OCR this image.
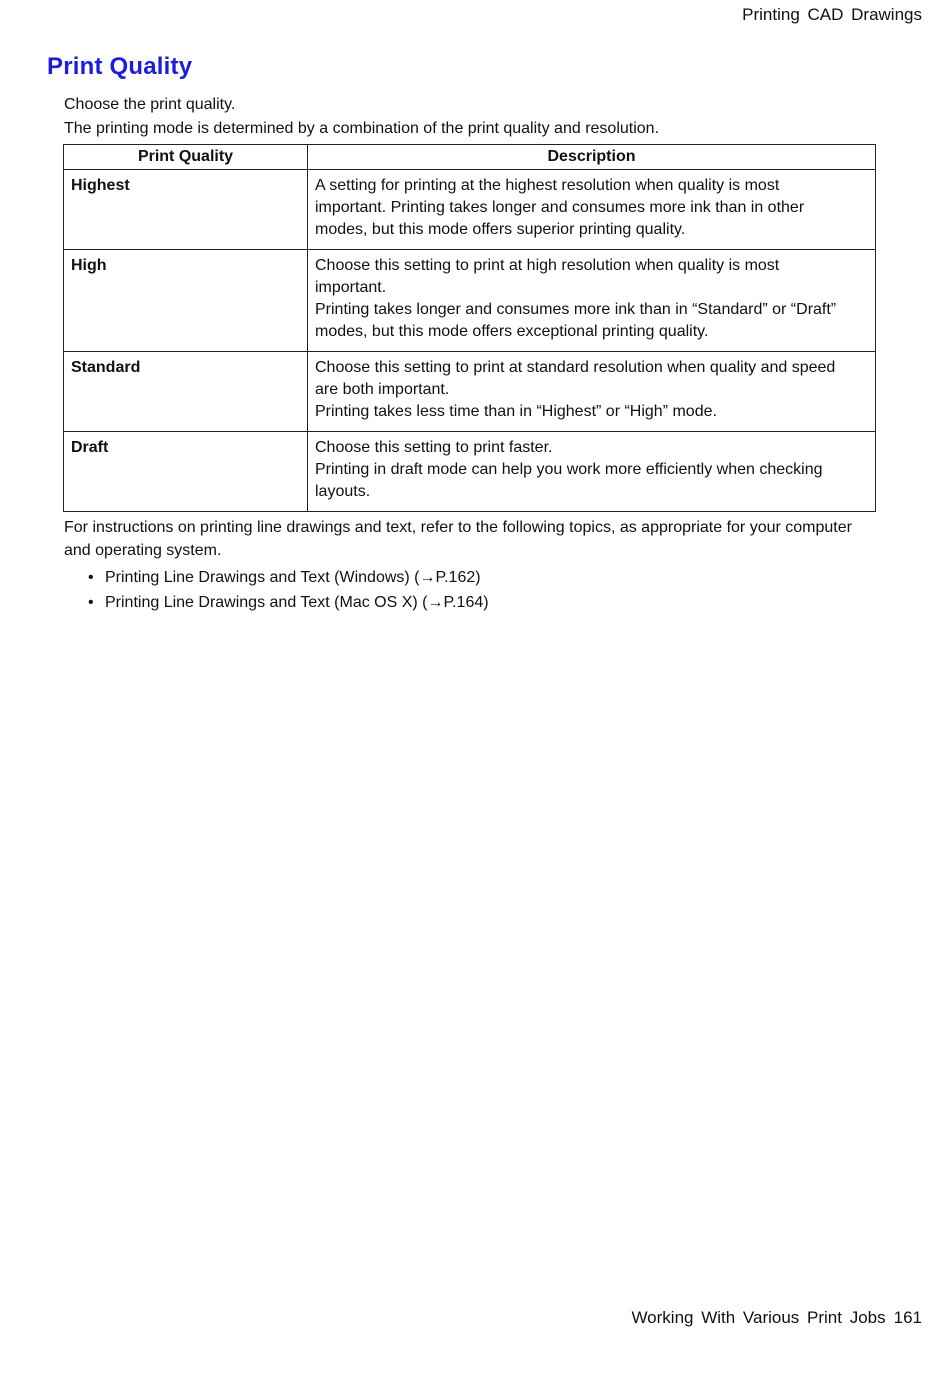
Printing CAD Drawings
Print Quality

Choose the print quality.

The printing mode is determined by a combination of the print quality and resolution.

Print Quality	Description
Highest	A setting for printing at the highest resolution when quality is most
important. Printing takes longer and consumes more ink than in other
modes, but this mode offers superior printing quality.

High	Choose this setting to print at high resolution when quality is most
important.
Printing takes longer and consumes more ink than in “Standard” or “Draft”
modes, but this mode offers exceptional printing quality.

Standard	Choose this setting to print at standard resolution when quality and speed
are both important.
Printing takes less time than in “Highest” or “High” mode.

Draft	Choose this setting to print faster.
Printing in draft mode can help you work more efficiently when checking
layouts.

For instructions on printing line drawings and text, refer to the following topics, as appropriate for your computer and operating system.

• Printing Line Drawings and Text (Windows) (→P.162)
• Printing Line Drawings and Text (Mac OS X) (→P.164)
Working With Various Print Jobs 161
